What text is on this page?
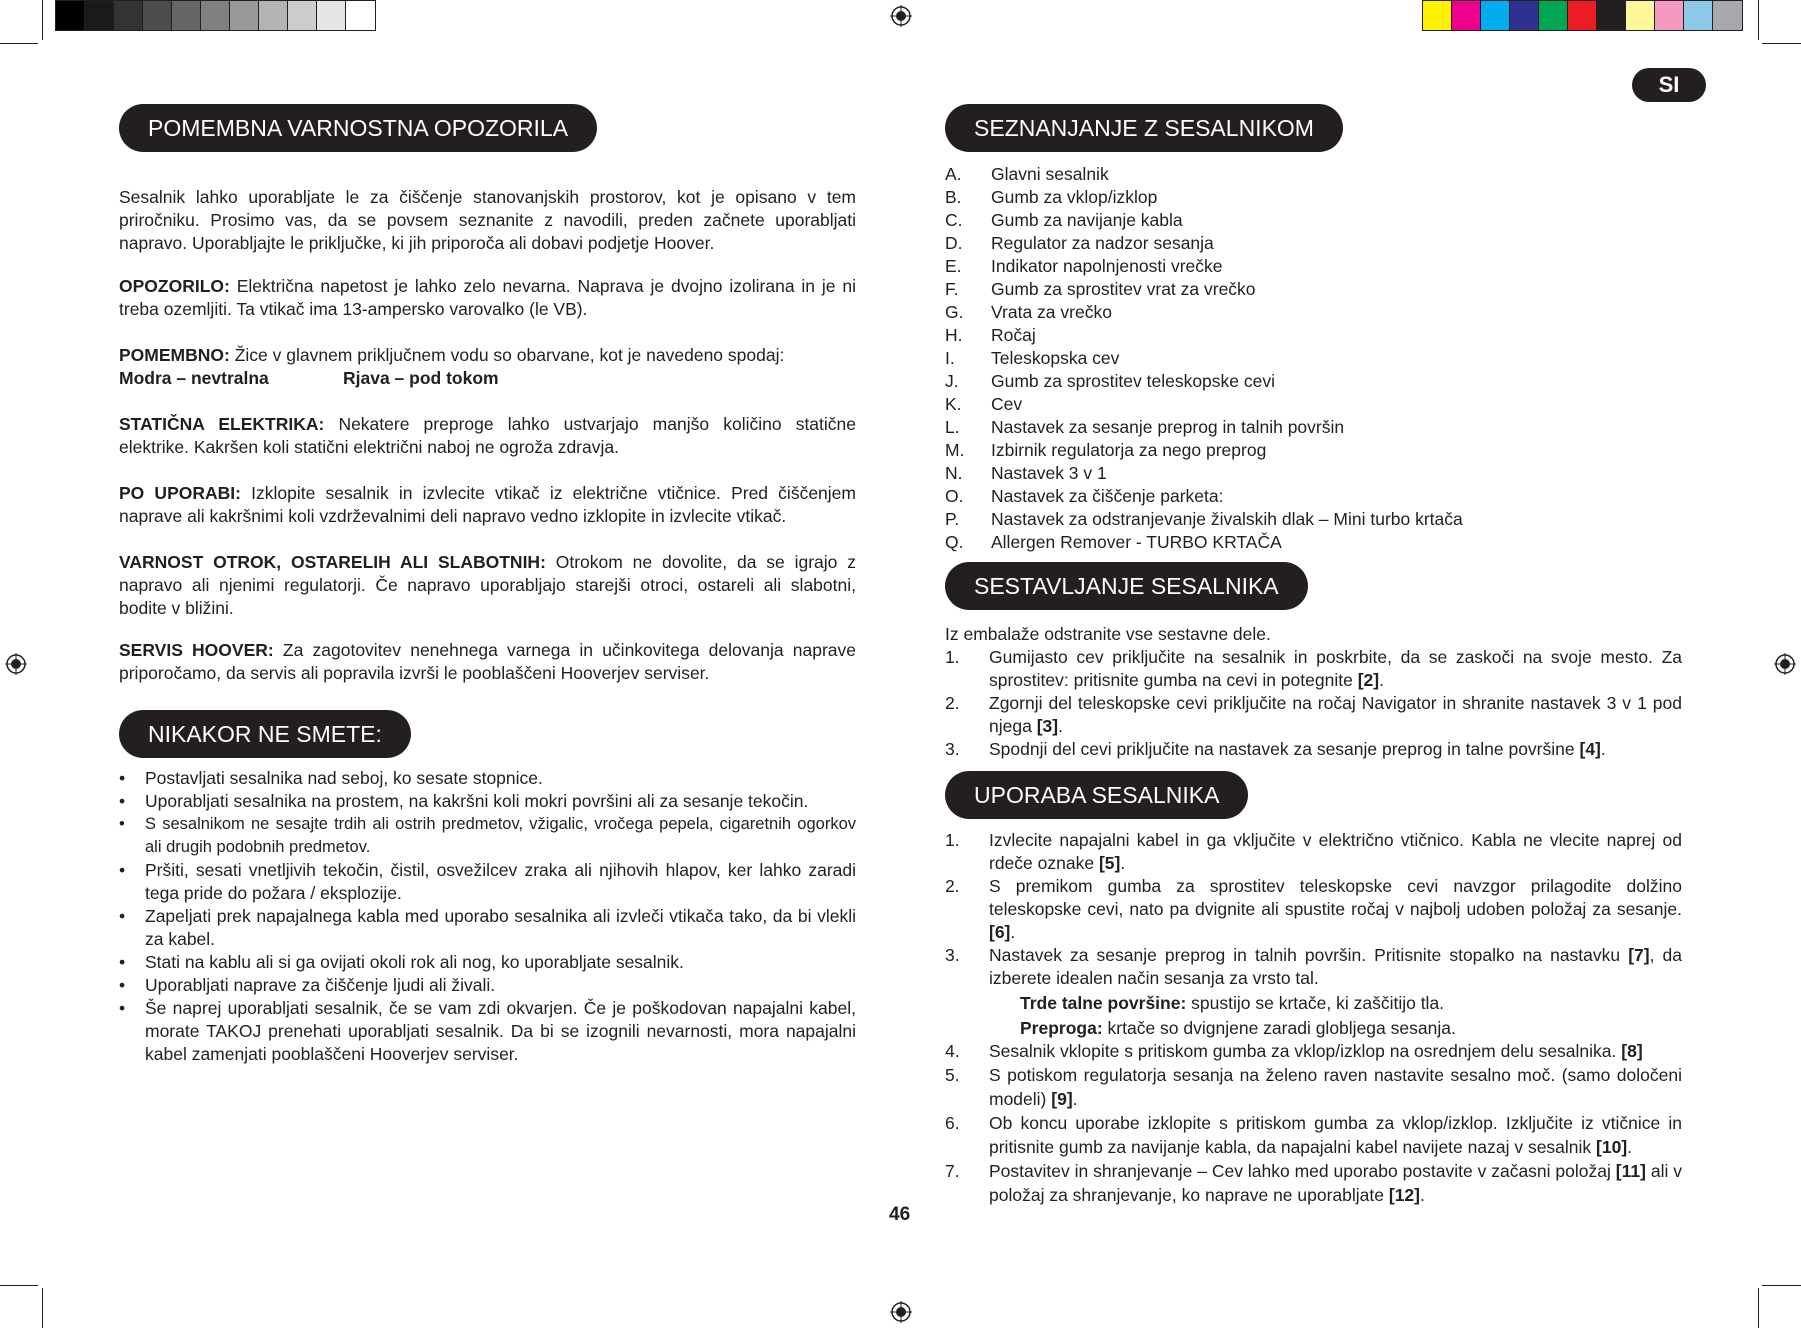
SI
POMEMBNA VARNOSTNA OPOZORILA
Sesalnik lahko uporabljate le za čiščenje stanovanjskih prostorov, kot je opisano v tem priročniku. Prosimo vas, da se povsem seznanite z navodili, preden začnete uporabljati napravo. Uporabljajte le priključke, ki jih priporoča ali dobavi podjetje Hoover.
OPOZORILO: Električna napetost je lahko zelo nevarna. Naprava je dvojno izolirana in je ni treba ozemljiti. Ta vtikač ima 13-ampersko varovalko (le VB).
POMEMBNO: Žice v glavnem priključnem vodu so obarvane, kot je navedeno spodaj:
Modra – nevtralna	Rjava – pod tokom
STATIČNA ELEKTRIKA: Nekatere preproge lahko ustvarjajo manjšo količino statične elektrike. Kakršen koli statični električni naboj ne ogroža zdravja.
PO UPORABI: Izklopite sesalnik in izvlecite vtikač iz električne vtičnice. Pred čiščenjem naprave ali kakršnimi koli vzdrževalnimi deli napravo vedno izklopite in izvlecite vtikač.
VARNOST OTROK, OSTARELIH ALI SLABOTNIH: Otrokom ne dovolite, da se igrajo z napravo ali njenimi regulatorji. Če napravo uporabljajo starejši otroci, ostareli ali slabotni, bodite v bližini.
SERVIS HOOVER: Za zagotovitev nenehnega varnega in učinkovitega delovanja naprave priporočamo, da servis ali popravila izvrši le pooblaščeni Hooverjev serviser.
NIKAKOR NE SMETE:
• Postavljati sesalnika nad seboj, ko sesate stopnice.
• Uporabljati sesalnika na prostem, na kakršni koli mokri površini ali za sesanje tekočin.
• S sesalnikom ne sesajte trdih ali ostrih predmetov, vžigalic, vročega pepela, cigaretnih ogorkov ali drugih podobnih predmetov.
• Pršiti, sesati vnetljivih tekočin, čistil, osvežilcev zraka ali njihovih hlapov, ker lahko zaradi tega pride do požara / eksplozije.
• Zapeljati prek napajalnega kabla med uporabo sesalnika ali izvleči vtikača tako, da bi vlekli za kabel.
• Stati na kablu ali si ga ovijati okoli rok ali nog, ko uporabljate sesalnik.
• Uporabljati naprave za čiščenje ljudi ali živali.
• Še naprej uporabljati sesalnik, če se vam zdi okvarjen. Če je poškodovan napajalni kabel, morate TAKOJ prenehati uporabljati sesalnik. Da bi se izognili nevarnosti, mora napajalni kabel zamenjati pooblaščeni Hooverjev serviser.
SEZNANJANJE Z SESALNIKOM
A.	Glavni sesalnik
B.	Gumb za vklop/izklop
C.	Gumb za navijanje kabla
D.	Regulator za nadzor sesanja
E.	Indikator napolnjenosti vrečke
F.	Gumb za sprostitev vrat za vrečko
G.	Vrata za vrečko
H.	Ročaj
I.	Teleskopska cev
J.	Gumb za sprostitev teleskopske cevi
K.	Cev
L.	Nastavek za sesanje preprog in talnih površin
M.	Izbirnik regulatorja za nego preprog
N.	Nastavek 3 v 1
O.	Nastavek za čiščenje parketa:
P.	Nastavek za odstranjevanje živalskih dlak – Mini turbo krtača
Q.	Allergen Remover - TURBO KRTAČA
SESTAVLJANJE SESALNIKA
Iz embalaže odstranite vse sestavne dele.
1. Gumijasto cev priključite na sesalnik in poskrbite, da se zaskoči na svoje mesto. Za sprostitev: pritisnite gumba na cevi in potegnite [2].
2. Zgornji del teleskopske cevi priključite na ročaj Navigator in shranite nastavek 3 v 1 pod njega [3].
3. Spodnji del cevi priključite na nastavek za sesanje preprog in talne površine [4].
UPORABA SESALNIKA
1. Izvlecite napajalni kabel in ga vključite v električno vtičnico. Kabla ne vlecite naprej od rdeče oznake [5].
2. S premikom gumba za sprostitev teleskopske cevi navzgor prilagodite dolžino teleskopske cevi, nato pa dvignite ali spustite ročaj v najbolj udoben položaj za sesanje. [6].
3. Nastavek za sesanje preprog in talnih površin. Pritisnite stopalko na nastavku [7], da izberete idealen način sesanja za vrsto tal.
Trde talne površine: spustijo se krtače, ki zaščitijo tla.
Preproga: krtače so dvignjene zaradi globljega sesanja.
4. Sesalnik vklopite s pritiskom gumba za vklop/izklop na osrednjem delu sesalnika. [8]
5. S potiskom regulatorja sesanja na želeno raven nastavite sesalno moč. (samo določeni modeli) [9].
6. Ob koncu uporabe izklopite s pritiskom gumba za vklop/izklop. Izključite iz vtičnice in pritisnite gumb za navijanje kabla, da napajalni kabel navijete nazaj v sesalnik [10].
7. Postavitev in shranjevanje – Cev lahko med uporabo postavite v začasni položaj [11] ali v položaj za shranjevanje, ko naprave ne uporabljate [12].
46
